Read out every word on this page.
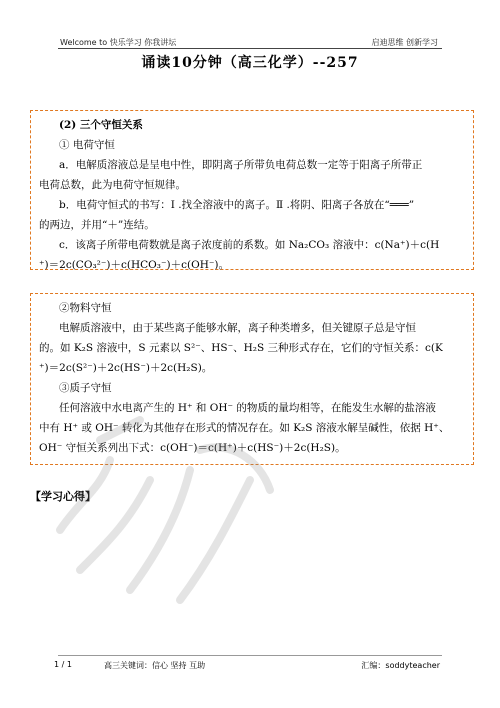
Welcome to 快乐学习 你我讲坛	启迪思维 创新学习
诵读10分钟（高三化学）--257
(2) 三个守恒关系
① 电荷守恒
a．电解质溶液总是呈电中性，即阴离子所带负电荷总数一定等于阳离子所带正
电荷总数，此为电荷守恒规律。
b．电荷守恒式的书写：Ⅰ .找全溶液中的离子。Ⅱ .将阴、阳离子各放在“═══”
的两边，并用“＋”连结。
c．该离子所带电荷数就是离子浓度前的系数。如 Na₂CO₃ 溶液中：c(Na⁺)＋c(H
⁺)＝2c(CO₃²⁻)＋c(HCO₃⁻)＋c(OH⁻)。
②物料守恒
电解质溶液中，由于某些离子能够水解，离子种类增多，但关键原子总是守恒
的。如 K₂S 溶液中，S 元素以 S²⁻、HS⁻、H₂S 三种形式存在，它们的守恒关系：c(K
⁺)＝2c(S²⁻)＋2c(HS⁻)＋2c(H₂S)。
③质子守恒
任何溶液中水电离产生的 H⁺ 和 OH⁻ 的物质的量均相等，在能发生水解的盐溶液
中有 H⁺ 或 OH⁻ 转化为其他存在形式的情况存在。如 K₂S 溶液水解呈碱性，依据 H⁺、
OH⁻ 守恒关系列出下式：c(OH⁻)＝c(H⁺)＋c(HS⁻)＋2c(H₂S)。
【学习心得】
1 / 1	高三关键词：信心 坚持 互助	汇编：soddyteacher
